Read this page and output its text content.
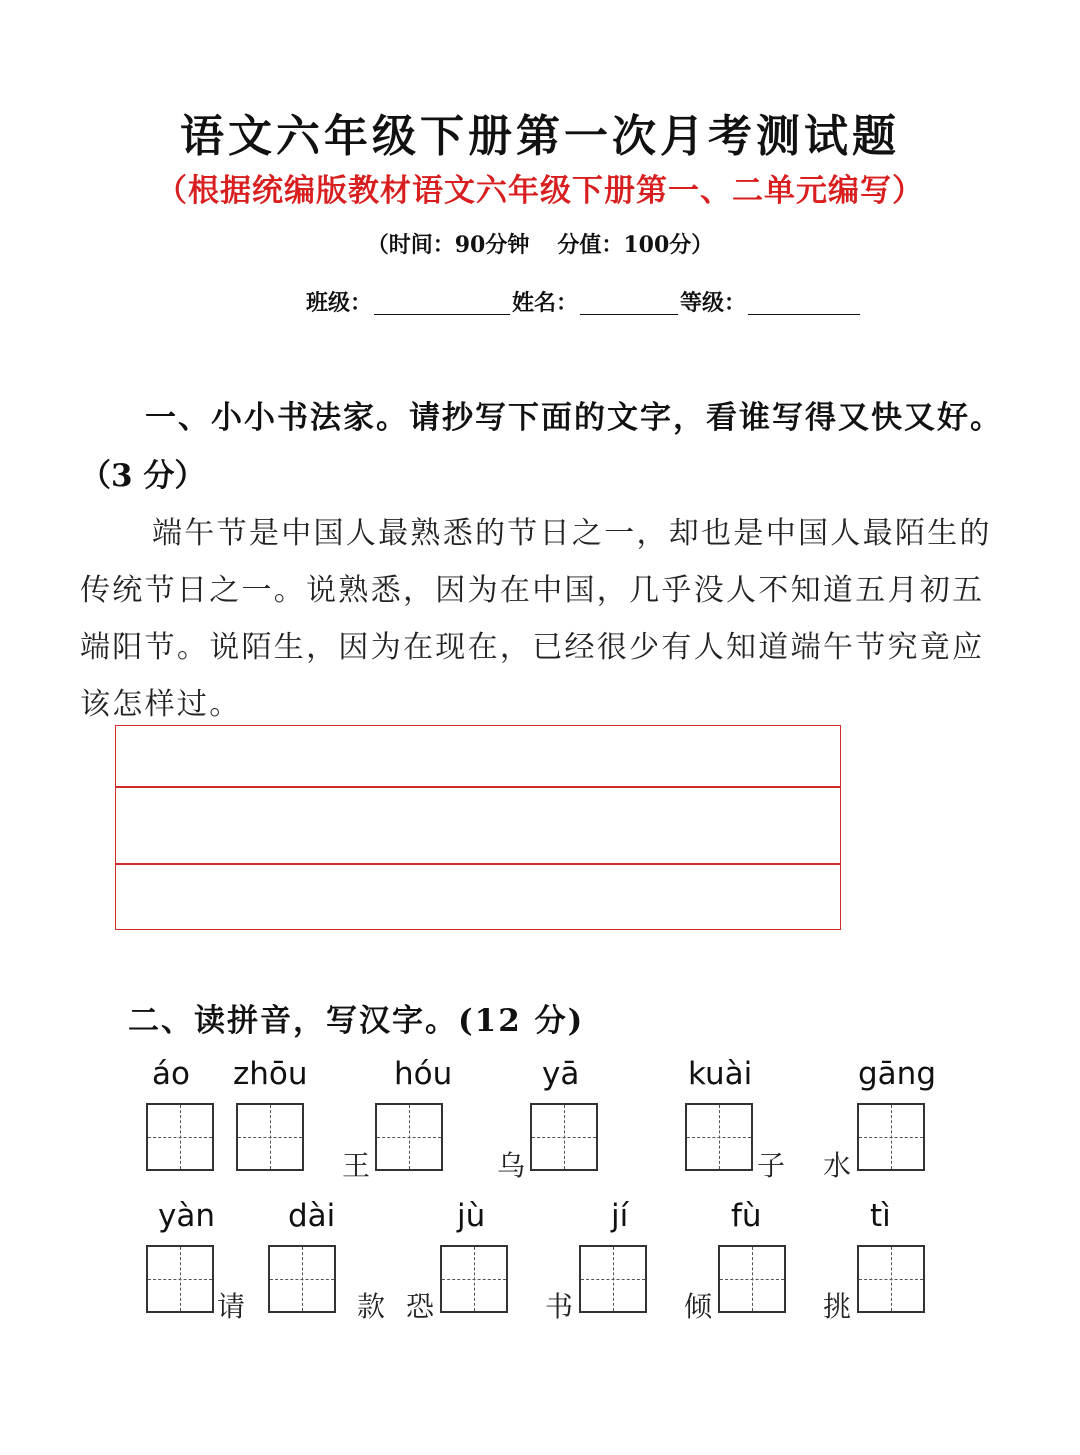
语文六年级下册第一次月考测试题
（根据统编版教材语文六年级下册第一、二单元编写）
（时间：90分钟 分值：100分）
班级：	姓名：	等级：
一、小小书法家。请抄写下面的文字，看谁写得又快又好。
（3 分）
端午节是中国人最熟悉的节日之一，却也是中国人最陌生的传统节日之一。说熟悉，因为在中国，几乎没人不知道五月初五端阳节。说陌生，因为在现在，已经很少有人知道端午节究竟应该怎样过。
二、读拼音，写汉字。(12 分)
áo zhōu	hóu	yā	kuài	gāng
王	乌	子 水
yàn dài	jù	jí	fù	tì
请	款 恐	书	倾	挑
